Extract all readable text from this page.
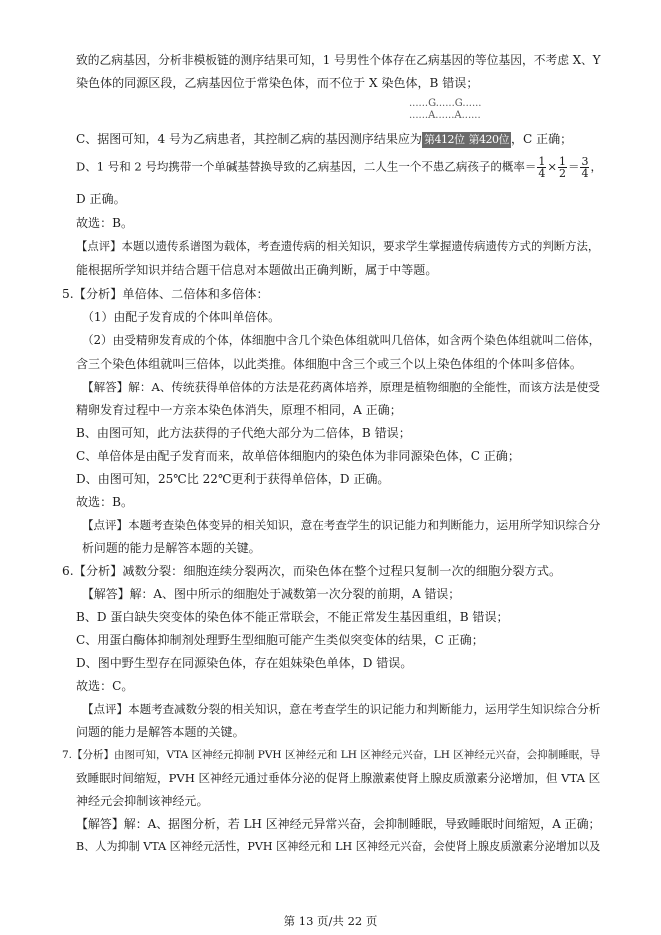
致的乙病基因，分析非模板链的测序结果可知，1 号男性个体存在乙病基因的等位基因，不考虑 X、Y
染色体的同源区段，乙病基因位于常染色体，而不位于 X 染色体，B 错误；
......G......G......
......A......A......
C、据图可知，4 号为乙病患者，其控制乙病的基因测序结果应为 第412位 第420位 ，C 正确；
D、1 号和 2 号均携带一个单碱基替换导致的乙病基因，二人生一个不患乙病孩子的概率＝ $\frac{1}{4} \times \frac{1}{2} = \frac{3}{4}$ ，
D 正确。
故选：B。
【点评】本题以遗传系谱图为载体，考查遗传病的相关知识，要求学生掌握遗传病遗传方式的判断方法，
能根据所学知识并结合题干信息对本题做出正确判断，属于中等题。
5.【分析】单倍体、二倍体和多倍体：
（1）由配子发育成的个体叫单倍体。
（2）由受精卵发育成的个体，体细胞中含几个染色体组就叫几倍体，如含两个染色体组就叫二倍体，
含三个染色体组就叫三倍体，以此类推。体细胞中含三个或三个以上染色体组的个体叫多倍体。
【解答】解：A、传统获得单倍体的方法是花药离体培养，原理是植物细胞的全能性，而该方法是使受
精卵发育过程中一方亲本染色体消失，原理不相同，A 正确；
B、由图可知，此方法获得的子代绝大部分为二倍体，B 错误；
C、单倍体是由配子发育而来，故单倍体细胞内的染色体为非同源染色体，C 正确；
D、由图可知，25℃比 22℃更利于获得单倍体，D 正确。
故选：B。
【点评】本题考查染色体变异的相关知识，意在考查学生的识记能力和判断能力，运用所学知识综合分
析问题的能力是解答本题的关键。
6.【分析】减数分裂：细胞连续分裂两次，而染色体在整个过程只复制一次的细胞分裂方式。
【解答】解：A、图中所示的细胞处于减数第一次分裂的前期，A 错误；
B、D 蛋白缺失突变体的染色体不能正常联会，不能正常发生基因重组，B 错误；
C、用蛋白酶体抑制剂处理野生型细胞可能产生类似突变体的结果，C 正确；
D、图中野生型存在同源染色体，存在姐妹染色单体，D 错误。
故选：C。
【点评】本题考查减数分裂的相关知识，意在考查学生的识记能力和判断能力，运用学生知识综合分析
问题的能力是解答本题的关键。
7.【分析】由图可知，VTA 区神经元抑制 PVH 区神经元和 LH 区神经元兴奋，LH 区神经元兴奋，会抑制睡眠，导
致睡眠时间缩短，PVH 区神经元通过垂体分泌的促肾上腺激素使肾上腺皮质激素分泌增加，但 VTA 区
神经元会抑制该神经元。
【解答】解：A、据图分析，若 LH 区神经元异常兴奋，会抑制睡眠，导致睡眠时间缩短，A 正确；
B、人为抑制 VTA 区神经元活性，PVH 区神经元和 LH 区神经元兴奋，会使肾上腺皮质激素分泌增加以及
第 13 页/共 22 页
